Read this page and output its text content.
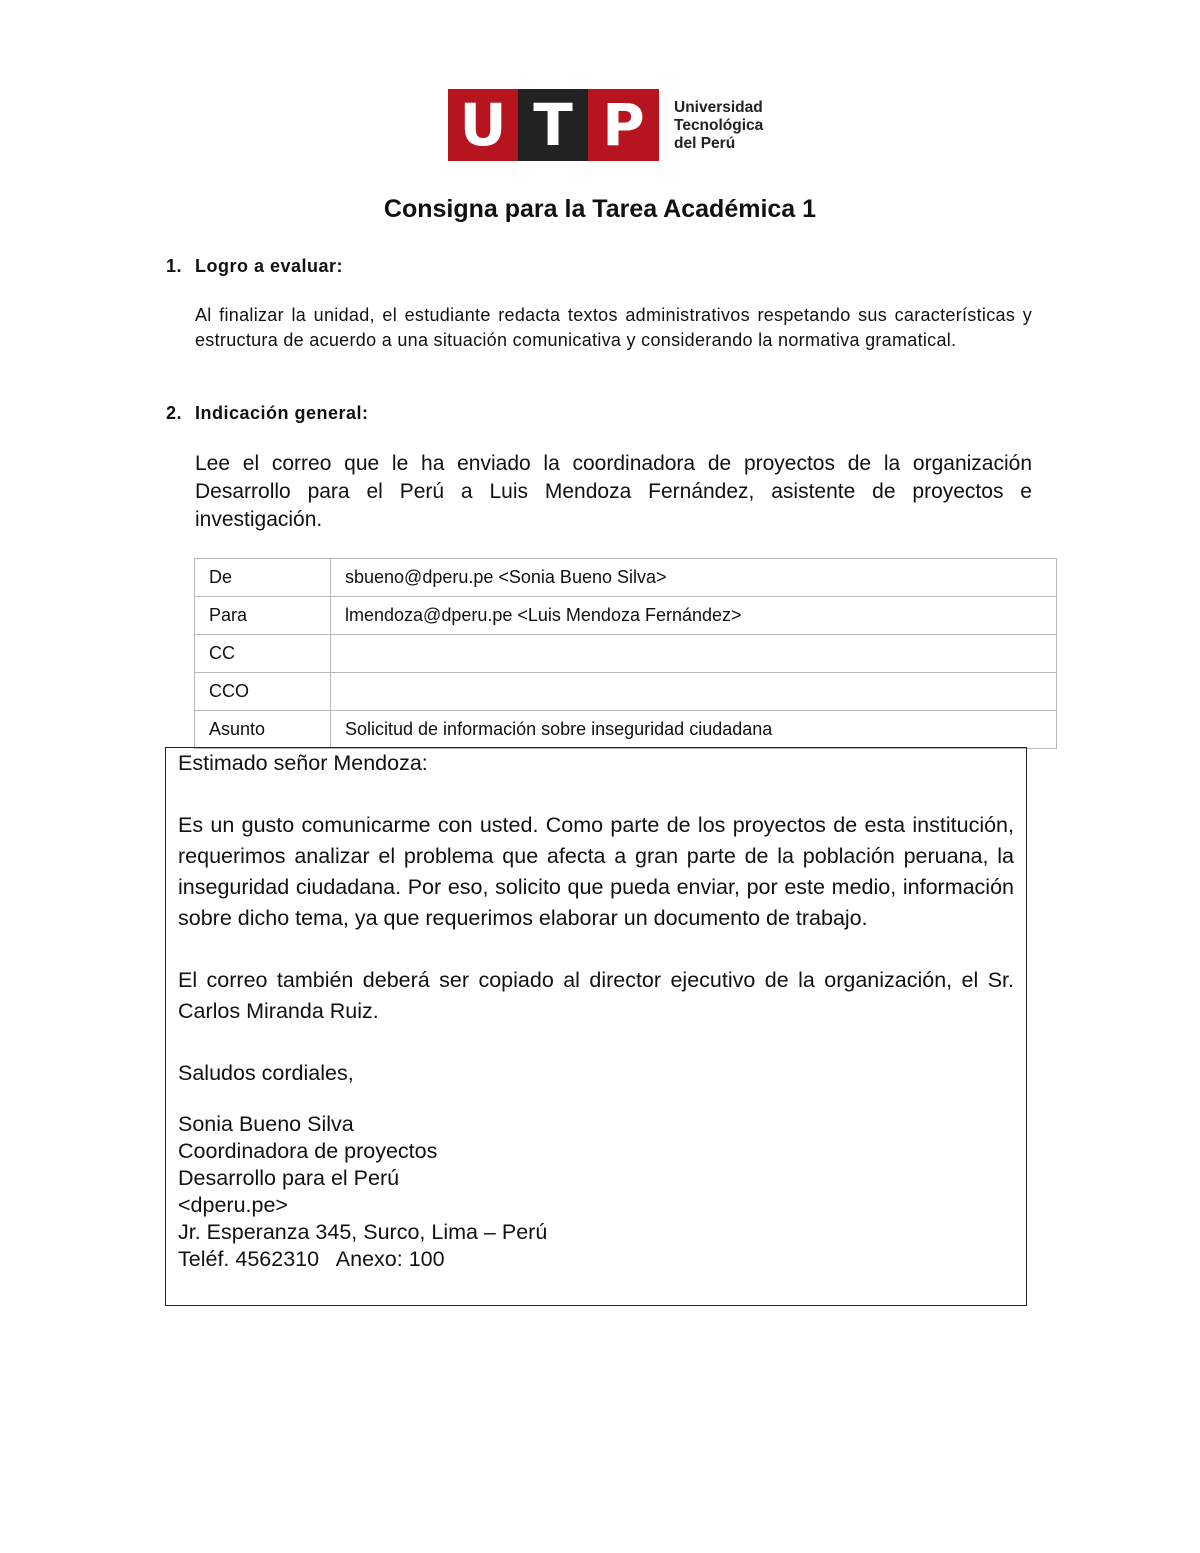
U T P	Universidad
Tecnológica
del Perú
Consigna para la Tarea Académica 1
1. Logro a evaluar:
Al finalizar la unidad, el estudiante redacta textos administrativos respetando sus características y estructura de acuerdo a una situación comunicativa y considerando la normativa gramatical.
2. Indicación general:
Lee el correo que le ha enviado la coordinadora de proyectos de la organización Desarrollo para el Perú a Luis Mendoza Fernández, asistente de proyectos e investigación.
De	sbueno@dperu.pe <Sonia Bueno Silva>
Para	lmendoza@dperu.pe <Luis Mendoza Fernández>
CC	
CCO	
Asunto	Solicitud de información sobre inseguridad ciudadana

Estimado señor Mendoza:

Es un gusto comunicarme con usted. Como parte de los proyectos de esta institución, requerimos analizar el problema que afecta a gran parte de la población peruana, la inseguridad ciudadana. Por eso, solicito que pueda enviar, por este medio, información sobre dicho tema, ya que requerimos elaborar un documento de trabajo.

El correo también deberá ser copiado al director ejecutivo de la organización, el Sr. Carlos Miranda Ruiz.

Saludos cordiales,

Sonia Bueno Silva

Coordinadora de proyectos

Desarrollo para el Perú

<dperu.pe>

Jr. Esperanza 345, Surco, Lima – Perú

Teléf. 4562310   Anexo: 100
